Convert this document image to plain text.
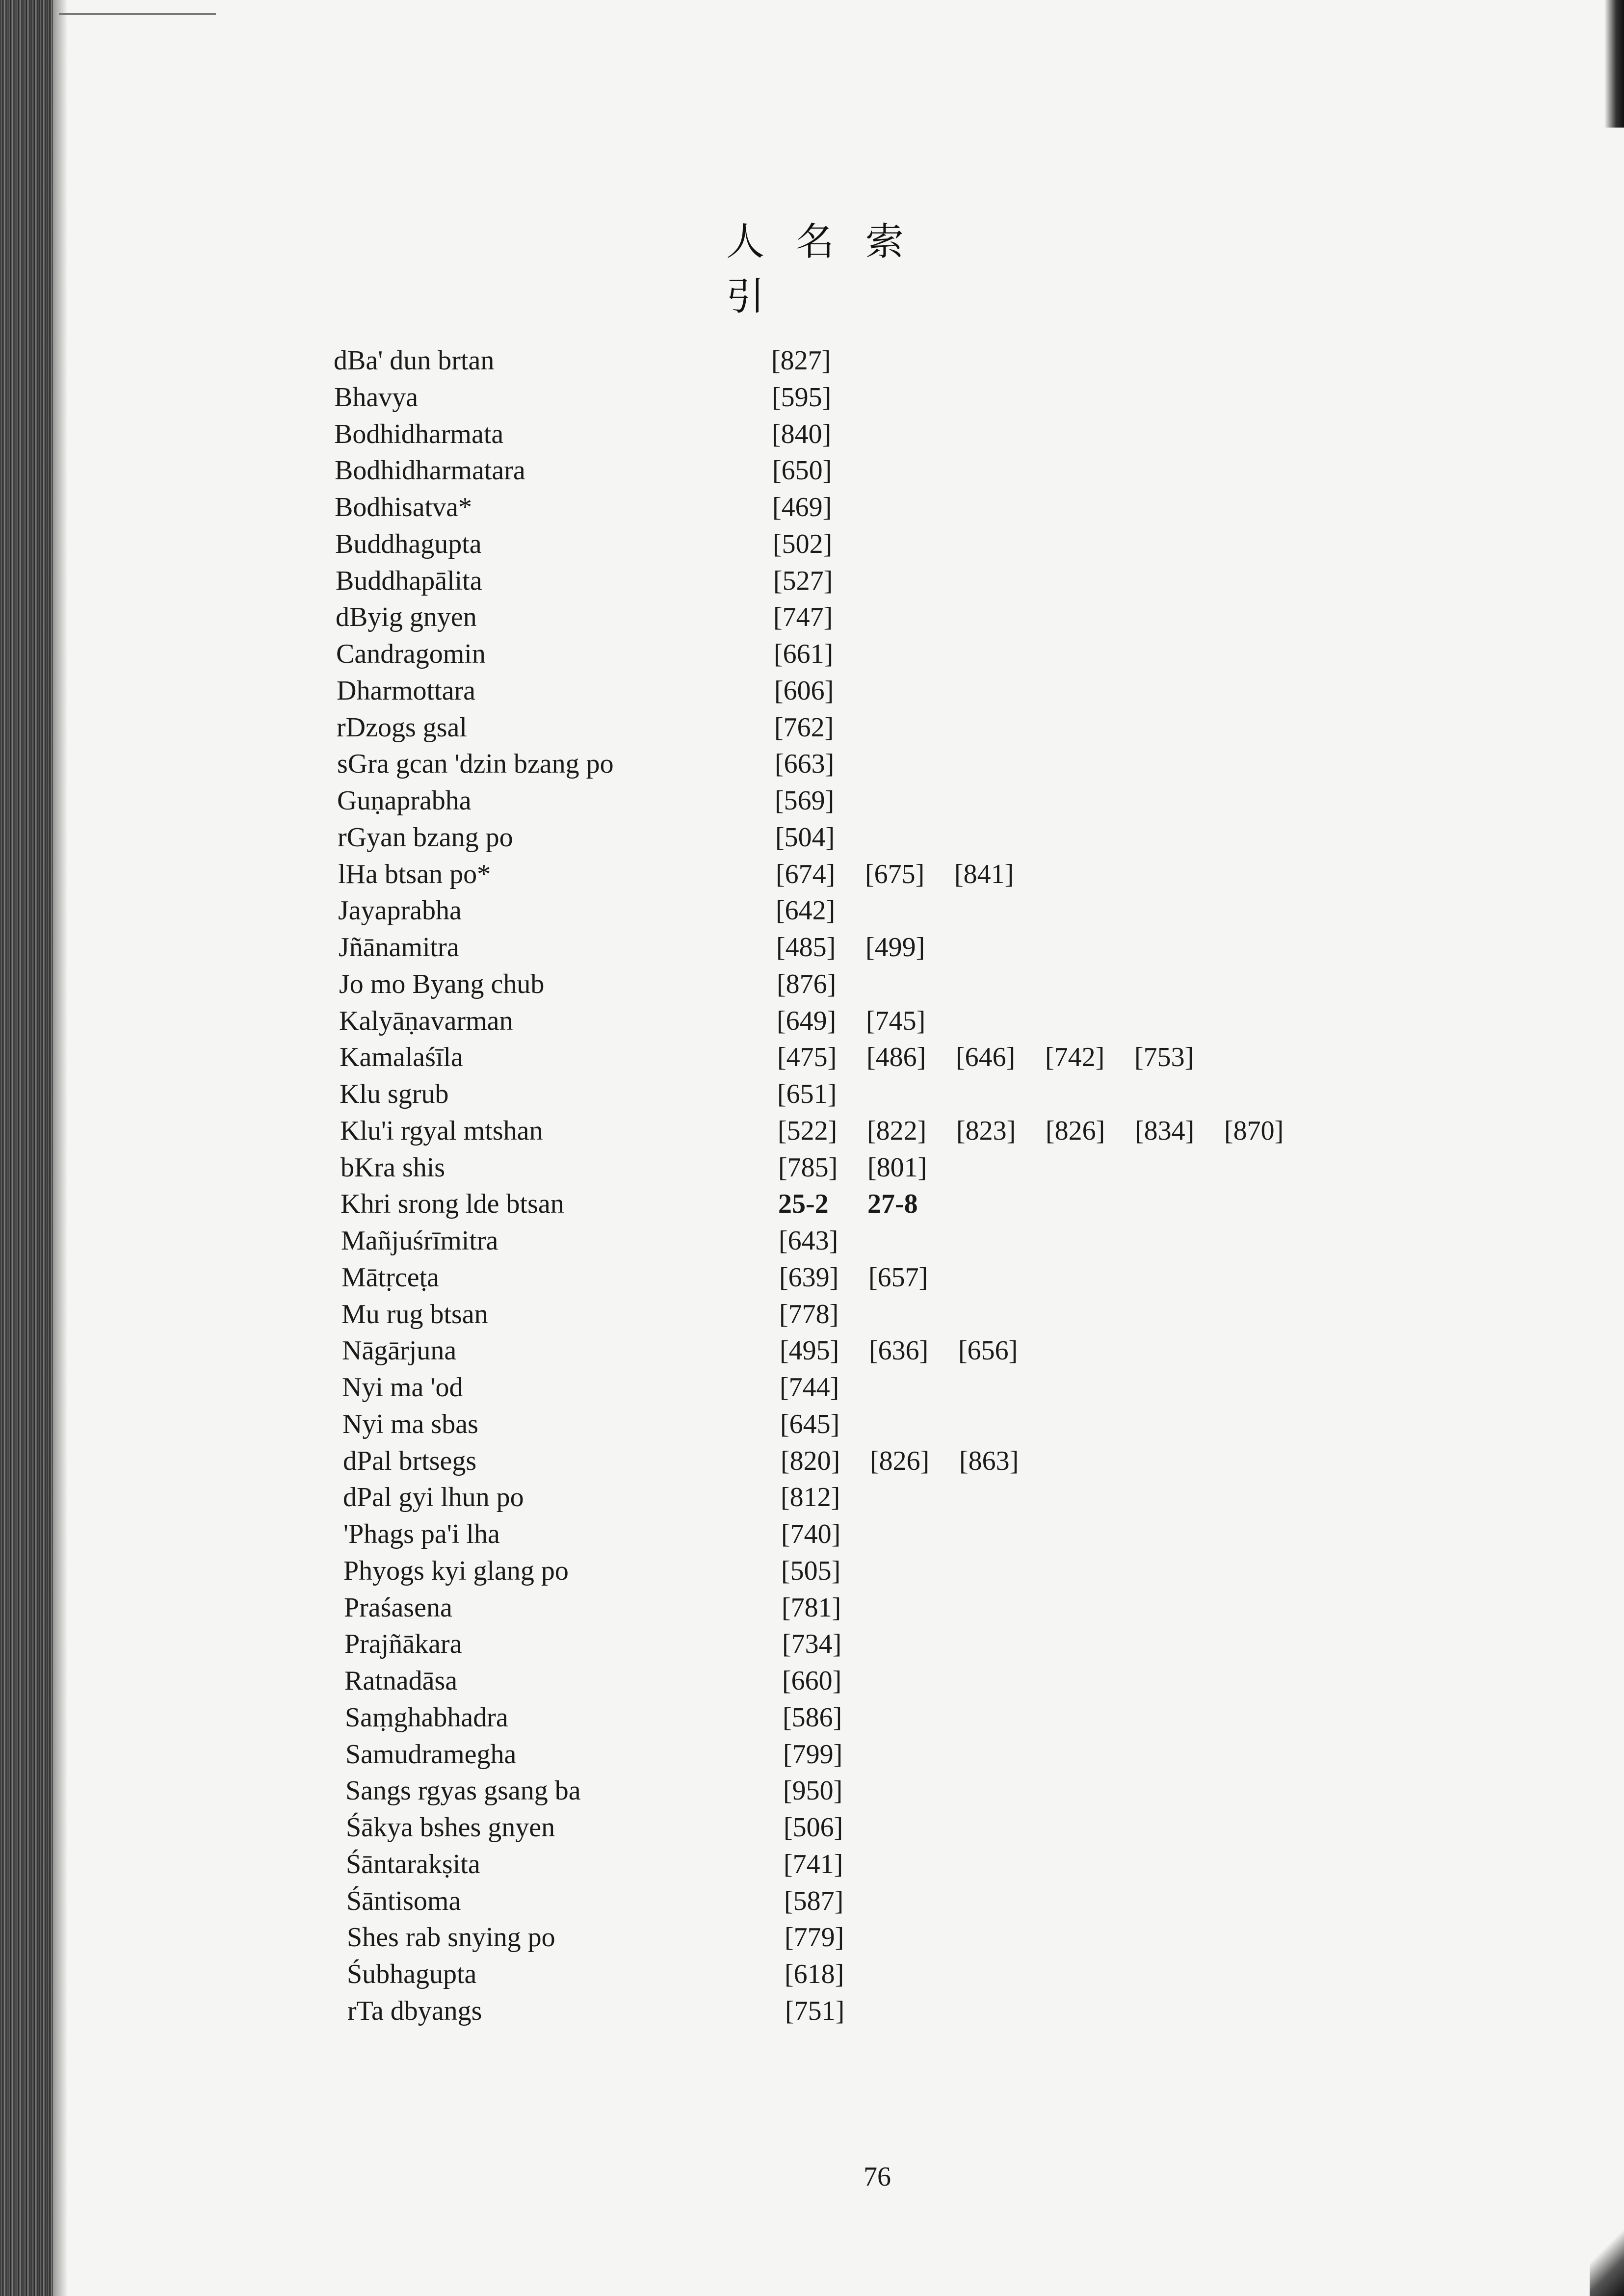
人名索引
dBa' dun brtan	[827]
Bhavya	[595]
Bodhidharmata	[840]
Bodhidharmatara	[650]
Bodhisatva*	[469]
Buddhagupta	[502]
Buddhapālita	[527]
dByig gnyen	[747]
Candragomin	[661]
Dharmottara	[606]
rDzogs gsal	[762]
sGra gcan 'dzin bzang po	[663]
Guṇaprabha	[569]
rGyan bzang po	[504]
lHa btsan po*	[674] [675] [841]
Jayaprabha	[642]
Jñānamitra	[485] [499]
Jo mo Byang chub	[876]
Kalyāṇavarman	[649] [745]
Kamalaśīla	[475] [486] [646] [742] [753]
Klu sgrub	[651]
Klu'i rgyal mtshan	[522] [822] [823] [826] [834] [870]
bKra shis	[785] [801]
Khri srong lde btsan	25-2 27-8
Mañjuśrīmitra	[643]
Mātṛceṭa	[639] [657]
Mu rug btsan	[778]
Nāgārjuna	[495] [636] [656]
Nyi ma 'od	[744]
Nyi ma sbas	[645]
dPal brtsegs	[820] [826] [863]
dPal gyi lhun po	[812]
'Phags pa'i lha	[740]
Phyogs kyi glang po	[505]
Praśasena	[781]
Prajñākara	[734]
Ratnadāsa	[660]
Saṃghabhadra	[586]
Samudramegha	[799]
Sangs rgyas gsang ba	[950]
Śākya bshes gnyen	[506]
Śāntarakṣita	[741]
Śāntisoma	[587]
Shes rab snying po	[779]
Śubhagupta	[618]
rTa dbyangs	[751]
76
